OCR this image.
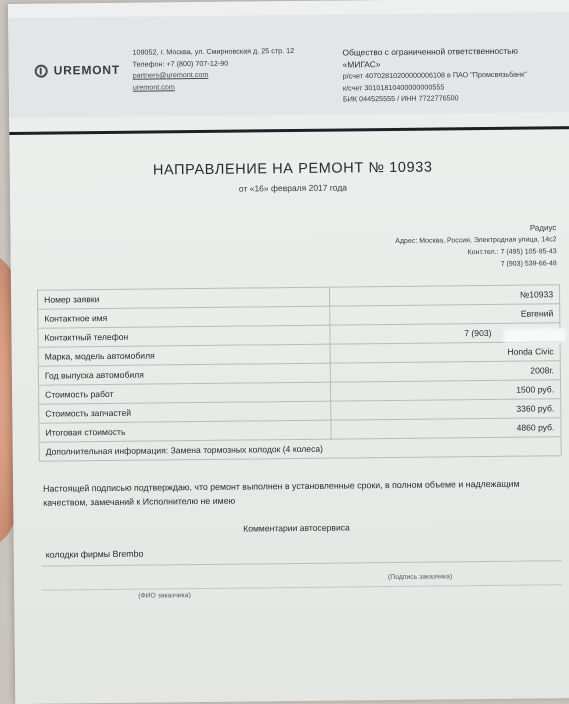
UREMONT
109052, г. Москва, ул. Смирновская д. 25 стр. 12
Телефон: +7 (800) 707-12-90
partners@uremont.com
uremont.com
Общество с ограниченной ответственностью
«МИГАС»
р/счет 40702810200000006108 в ПАО "Промсвязьбанк"
к/счет 30101810400000000555
БИК 044525555 / ИНН 7722776500
НАПРАВЛЕНИЕ НА РЕМОНТ № 10933
от «16» февраля 2017 года
Радиус
Адрес: Москва, Россия, Электродная улица, 14с2
Конт.тел.: 7 (495) 105-95-43
7 (903) 539-66-48
Номер заявки	№10933
Контактное имя	Евгений
Контактный телефон	7 (903)
Марка, модель автомобиля	Honda Civic
Год выпуска автомобиля	2008г.
Стоимость работ	1500 руб.
Стоимость запчастей	3360 руб.
Итоговая стоимость	4860 руб.
Дополнительная информация: Замена тормозных колодок (4 колеса)	
Настоящей подписью подтверждаю, что ремонт выполнен в установленные сроки, в полном объеме и надлежащим качеством, замечаний к Исполнителю не имею
Комментарии автосервиса
колодки фирмы Brembo
(Подпись заказчика)
(ФИО заказчика)
